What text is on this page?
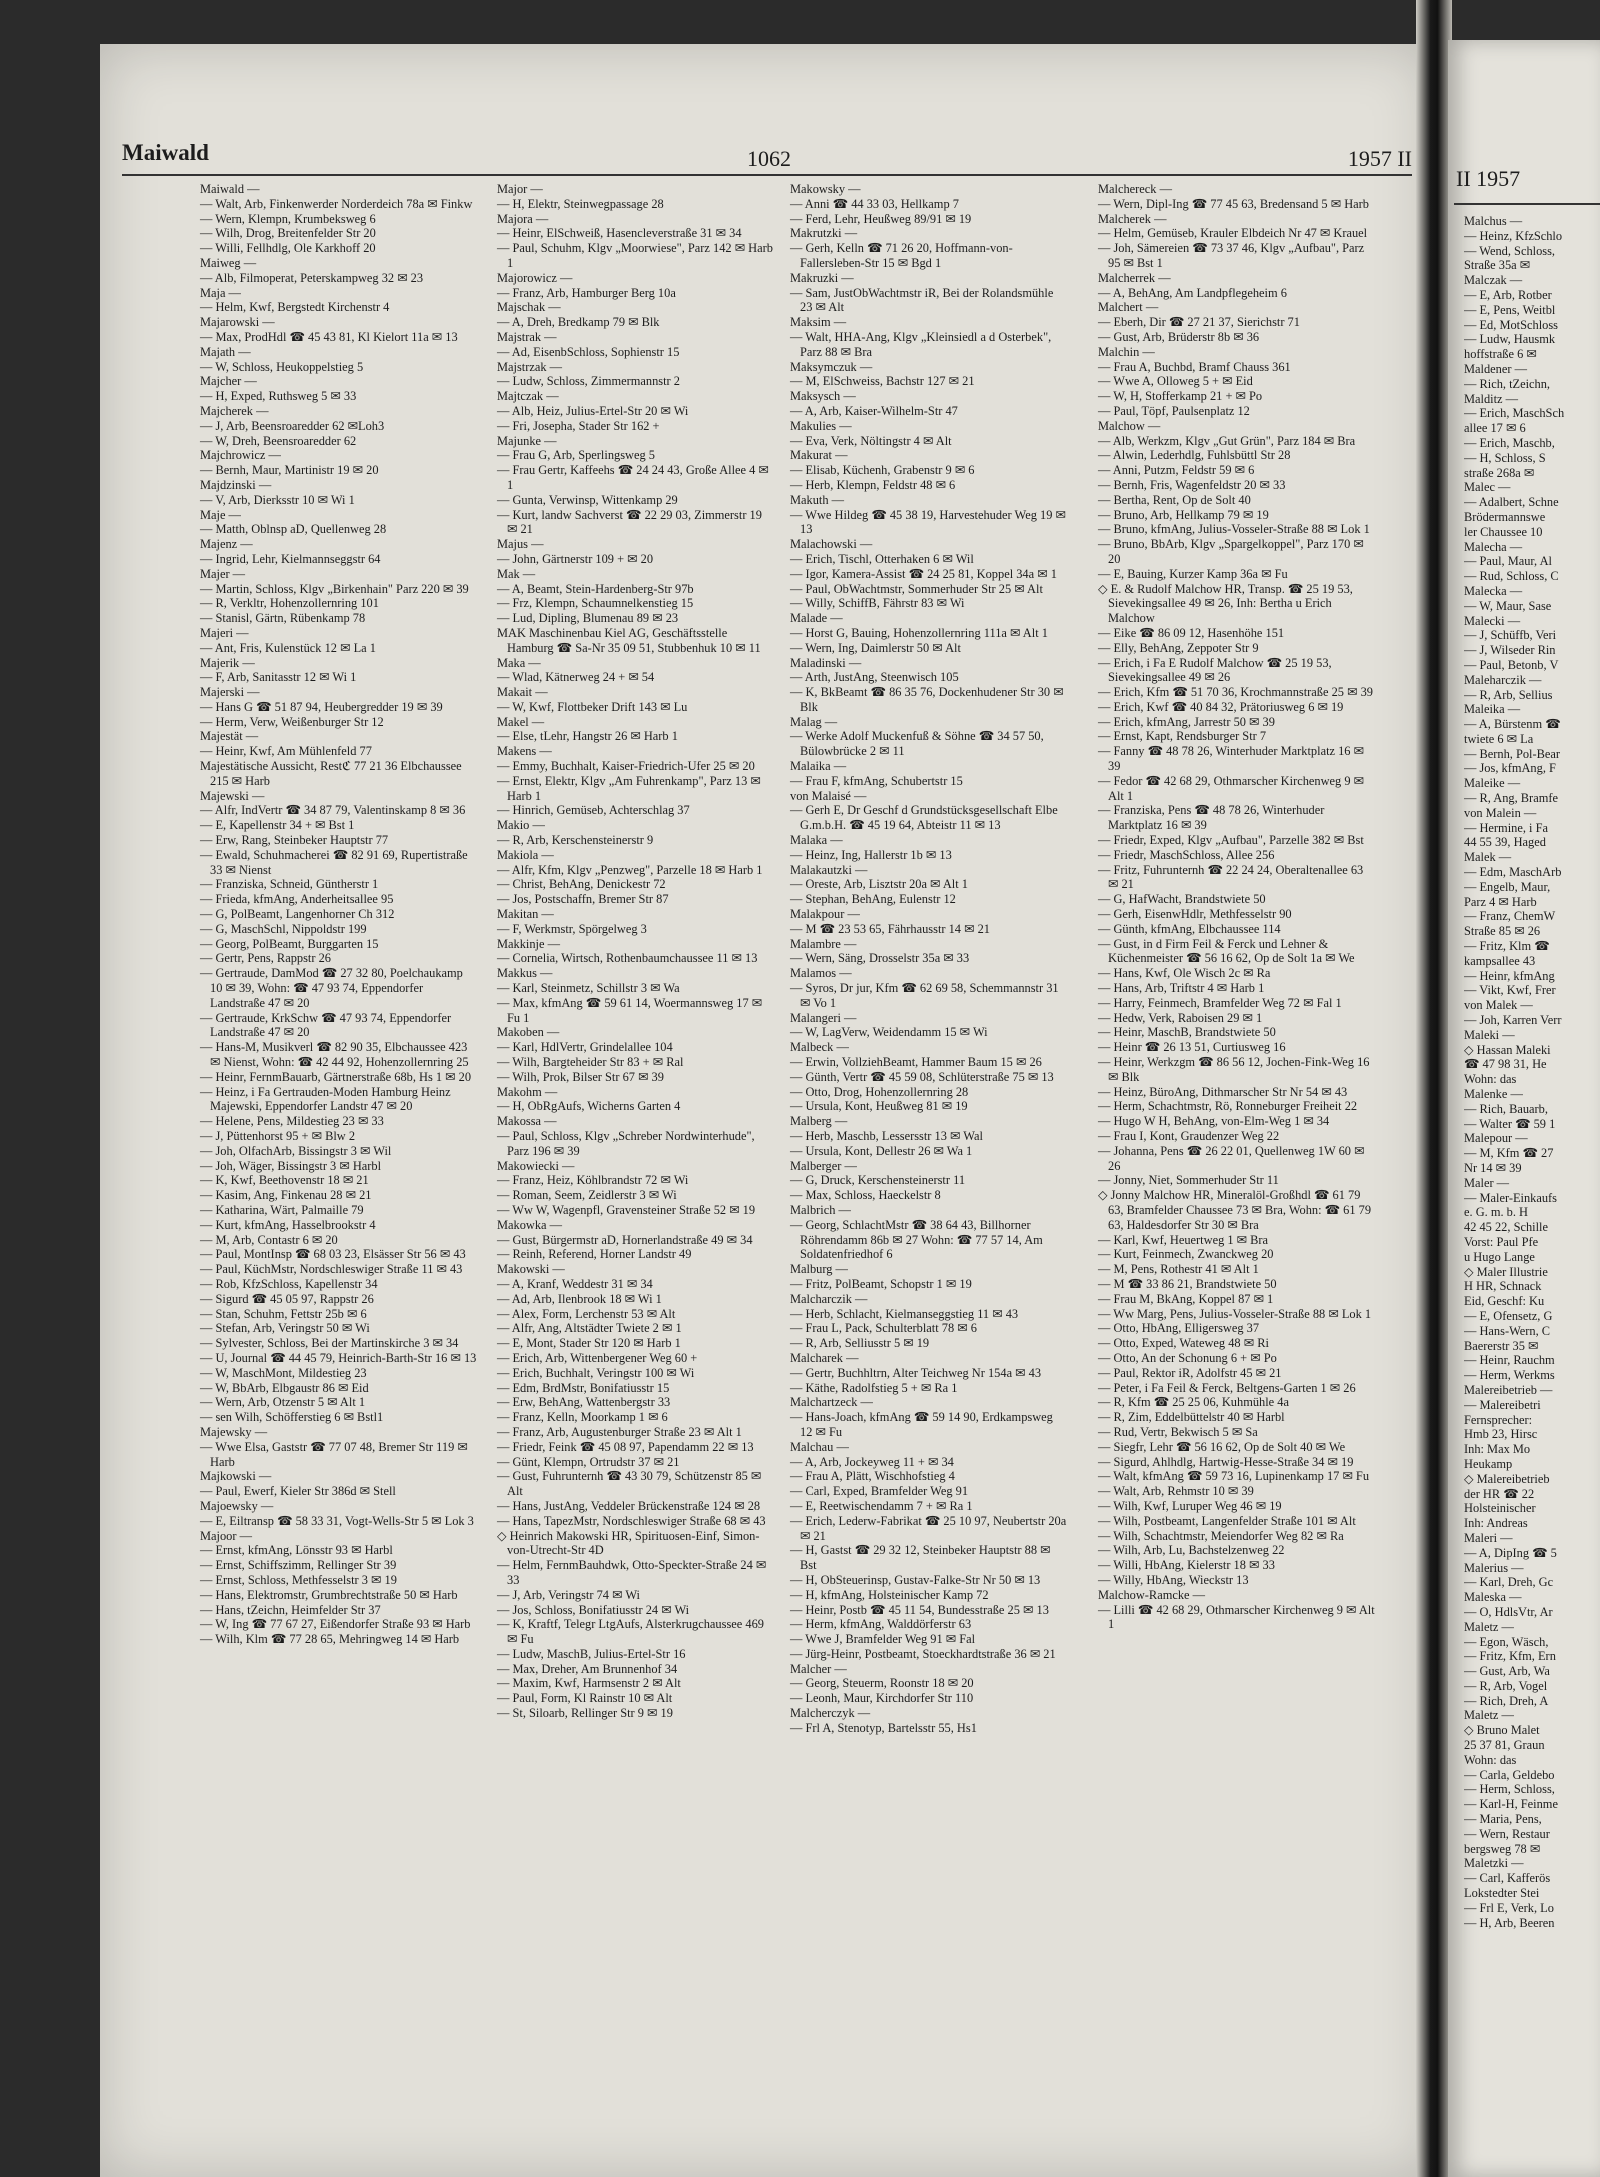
II 1957
Malchus —
— Heinz, KfzSchlo
— Wend, Schloss,
Straße 35a ✉
Malczak —
— E, Arb, Rotber
— E, Pens, Weitbl
— Ed, MotSchloss
— Ludw, Hausmk
hoffstraße 6 ✉
Maldener —
— Rich, tZeichn,
Malditz —
— Erich, MaschSch
allee 17 ✉ 6
— Erich, Maschb,
— H, Schloss, S
straße 268a ✉
Malec —
— Adalbert, Schne
Brödermannswe
ler Chaussee 10
Malecha —
— Paul, Maur, Al
— Rud, Schloss, C
Malecka —
— W, Maur, Sase
Malecki —
— J, Schüffb, Veri
— J, Wilseder Rin
— Paul, Betonb, V
Maleharczik —
— R, Arb, Sellius
Maleika —
— A, Bürstenm ☎
twiete 6 ✉ La
— Bernh, Pol-Bear
— Jos, kfmAng, F
Maleike —
— R, Ang, Bramfe
von Malein —
— Hermine, i Fa
44 55 39, Haged
Malek —
— Edm, MaschArb
— Engelb, Maur,
Parz 4 ✉ Harb
— Franz, ChemW
Straße 85 ✉ 26
— Fritz, Klm ☎
kampsallee 43
— Heinr, kfmAng
— Vikt, Kwf, Frer
von Malek —
— Joh, Karren Verr
Maleki —
◇ Hassan Maleki
☎ 47 98 31, He
Wohn: das
Malenke —
— Rich, Bauarb,
— Walter ☎ 59 1
Malepour —
— M, Kfm ☎ 27
Nr 14 ✉ 39
Maler —
— Maler-Einkaufs
e. G. m. b. H
42 45 22, Schille
Vorst: Paul Pfe
u Hugo Lange
◇ Maler Illustrie
H HR, Schnack
Eid, Geschf: Ku
— E, Ofensetz, G
— Hans-Wern, C
Baererstr 35 ✉
— Heinr, Rauchm
— Herm, Werkms
Malereibetrieb —
— Malereibetri
Fernsprecher:
Hmb 23, Hirsc
Inh: Max Mo
Heukamp
◇ Malereibetrieb
der HR ☎ 22
Holsteinischer
Inh: Andreas
Maleri —
— A, DipIng ☎ 5
Malerius —
— Karl, Dreh, Gc
Maleska —
— O, HdlsVtr, Ar
Maletz —
— Egon, Wäsch,
— Fritz, Kfm, Ern
— Gust, Arb, Wa
— R, Arb, Vogel
— Rich, Dreh, A
Maletz —
◇ Bruno Malet
25 37 81, Graun
Wohn: das
— Carla, Geldebo
— Herm, Schloss,
— Karl-H, Feinme
— Maria, Pens,
— Wern, Restaur
bergsweg 78 ✉
Maletzki —
— Carl, Kafferös
Lokstedter Stei
— Frl E, Verk, Lo
— H, Arb, Beeren
Maiwald	1062	1957 II

Maiwald —

— Walt, Arb, Finkenwerder Norderdeich 78a ✉ Finkw

— Wern, Klempn, Krumbeksweg 6

— Wilh, Drog, Breitenfelder Str 20

— Willi, Fellhdlg, Ole Karkhoff 20

Maiweg —

— Alb, Filmoperat, Peterskampweg 32 ✉ 23

Maja —

— Helm, Kwf, Bergstedt Kirchenstr 4

Majarowski —

— Max, ProdHdl ☎ 45 43 81, Kl Kielort 11a ✉ 13

Majath —

— W, Schloss, Heukoppelstieg 5

Majcher —

— H, Exped, Ruthsweg 5 ✉ 33

Majcherek —

— J, Arb, Beensroaredder 62 ✉Loh3

— W, Dreh, Beensroaredder 62

Majchrowicz —

— Bernh, Maur, Martinistr 19 ✉ 20

Majdzinski —

— V, Arb, Dierksstr 10 ✉ Wi 1

Maje —

— Matth, Oblnsp aD, Quellenweg 28

Majenz —

— Ingrid, Lehr, Kielmannseggstr 64

Majer —

— Martin, Schloss, Klgv „Birkenhain" Parz 220 ✉ 39

— R, Verkltr, Hohenzollernring 101

— Stanisl, Gärtn, Rübenkamp 78

Majeri —

— Ant, Fris, Kulenstück 12 ✉ La 1

Majerik —

— F, Arb, Sanitasstr 12 ✉ Wi 1

Majerski —

— Hans G ☎ 51 87 94, Heubergredder 19 ✉ 39

— Herm, Verw, Weißenburger Str 12

Majestät —

— Heinr, Kwf, Am Mühlenfeld 77

Majestätische Aussicht, Restℭ 77 21 36 Elbchaussee 215 ✉ Harb

Majewski —

— Alfr, IndVertr ☎ 34 87 79, Valentinskamp 8 ✉ 36

— E, Kapellenstr 34 + ✉ Bst 1

— Erw, Rang, Steinbeker Hauptstr 77

— Ewald, Schuhmacherei ☎ 82 91 69, Rupertistraße 33 ✉ Nienst

— Franziska, Schneid, Güntherstr 1

— Frieda, kfmAng, Anderheitsallee 95

— G, PolBeamt, Langenhorner Ch 312

— G, MaschSchl, Nippoldstr 199

— Georg, PolBeamt, Burggarten 15

— Gertr, Pens, Rappstr 26

— Gertraude, DamMod ☎ 27 32 80, Poelchaukamp 10 ✉ 39, Wohn: ☎ 47 93 74, Eppendorfer Landstraße 47 ✉ 20

— Gertraude, KrkSchw ☎ 47 93 74, Eppendorfer Landstraße 47 ✉ 20

— Hans-M, Musikverl ☎ 82 90 35, Elbchaussee 423 ✉ Nienst, Wohn: ☎ 42 44 92, Hohenzollernring 25

— Heinr, FernmBauarb, Gärtnerstraße 68b, Hs 1 ✉ 20

— Heinz, i Fa Gertrauden-Moden Hamburg Heinz Majewski, Eppendorfer Landstr 47 ✉ 20

— Helene, Pens, Mildestieg 23 ✉ 33

— J, Püttenhorst 95 + ✉ Blw 2

— Joh, OlfachArb, Bissingstr 3 ✉ Wil

— Joh, Wäger, Bissingstr 3 ✉ Harbl

— K, Kwf, Beethovenstr 18 ✉ 21

— Kasim, Ang, Finkenau 28 ✉ 21

— Katharina, Wärt, Palmaille 79

— Kurt, kfmAng, Hasselbrookstr 4

— M, Arb, Contastr 6 ✉ 20

— Paul, MontInsp ☎ 68 03 23, Elsässer Str 56 ✉ 43

— Paul, KüchMstr, Nordschleswiger Straße 11 ✉ 43

— Rob, KfzSchloss, Kapellenstr 34

— Sigurd ☎ 45 05 97, Rappstr 26

— Stan, Schuhm, Fettstr 25b ✉ 6

— Stefan, Arb, Veringstr 50 ✉ Wi

— Sylvester, Schloss, Bei der Martinskirche 3 ✉ 34

— U, Journal ☎ 44 45 79, Heinrich-Barth-Str 16 ✉ 13

— W, MaschMont, Mildestieg 23

— W, BbArb, Elbgaustr 86 ✉ Eid

— Wern, Arb, Otzenstr 5 ✉ Alt 1

— sen Wilh, Schöfferstieg 6 ✉ Bstl1

Majewsky —

— Wwe Elsa, Gaststr ☎ 77 07 48, Bremer Str 119 ✉ Harb

Majkowski —

— Paul, Ewerf, Kieler Str 386d ✉ Stell

Majoewsky —

— E, Eiltransp ☎ 58 33 31, Vogt-Wells-Str 5 ✉ Lok 3

Majoor —

— Ernst, kfmAng, Lönsstr 93 ✉ Harbl

— Ernst, Schiffszimm, Rellinger Str 39

— Ernst, Schloss, Methfesselstr 3 ✉ 19

— Hans, Elektromstr, Grumbrechtstraße 50 ✉ Harb

— Hans, tZeichn, Heimfelder Str 37

— W, Ing ☎ 77 67 27, Eißendorfer Straße 93 ✉ Harb

— Wilh, Klm ☎ 77 28 65, Mehringweg 14 ✉ Harb

Major —

— H, Elektr, Steinwegpassage 28

Majora —

— Heinr, ElSchweiß, Hasencleverstraße 31 ✉ 34

— Paul, Schuhm, Klgv „Moorwiese", Parz 142 ✉ Harb 1

Majorowicz —

— Franz, Arb, Hamburger Berg 10a

Majschak —

— A, Dreh, Bredkamp 79 ✉ Blk

Majstrak —

— Ad, EisenbSchloss, Sophienstr 15

Majstrzak —

— Ludw, Schloss, Zimmermannstr 2

Majtczak —

— Alb, Heiz, Julius-Ertel-Str 20 ✉ Wi

— Fri, Josepha, Stader Str 162 +

Majunke —

— Frau G, Arb, Sperlingsweg 5

— Frau Gertr, Kaffeehs ☎ 24 24 43, Große Allee 4 ✉ 1

— Gunta, Verwinsp, Wittenkamp 29

— Kurt, landw Sachverst ☎ 22 29 03, Zimmerstr 19 ✉ 21

Majus —

— John, Gärtnerstr 109 + ✉ 20

Mak —

— A, Beamt, Stein-Hardenberg-Str 97b

— Frz, Klempn, Schaumnelkenstieg 15

— Lud, Dipling, Blumenau 89 ✉ 23

MAK Maschinenbau Kiel AG, Geschäftsstelle Hamburg ☎ Sa-Nr 35 09 51, Stubbenhuk 10 ✉ 11

Maka —

— Wlad, Kätnerweg 24 + ✉ 54

Makait —

— W, Kwf, Flottbeker Drift 143 ✉ Lu

Makel —

— Else, tLehr, Hangstr 26 ✉ Harb 1

Makens —

— Emmy, Buchhalt, Kaiser-Friedrich-Ufer 25 ✉ 20

— Ernst, Elektr, Klgv „Am Fuhrenkamp", Parz 13 ✉ Harb 1

— Hinrich, Gemüseb, Achterschlag 37

Makio —

— R, Arb, Kerschensteinerstr 9

Makiola —

— Alfr, Kfm, Klgv „Penzweg", Parzelle 18 ✉ Harb 1

— Christ, BehAng, Denickestr 72

— Jos, Postschaffn, Bremer Str 87

Makitan —

— F, Werkmstr, Spörgelweg 3

Makkinje —

— Cornelia, Wirtsch, Rothenbaumchaussee 11 ✉ 13

Makkus —

— Karl, Steinmetz, Schillstr 3 ✉ Wa

— Max, kfmAng ☎ 59 61 14, Woermannsweg 17 ✉ Fu 1

Makoben —

— Karl, HdlVertr, Grindelallee 104

— Wilh, Bargteheider Str 83 + ✉ Ral

— Wilh, Prok, Bilser Str 67 ✉ 39

Makohm —

— H, ObRgAufs, Wicherns Garten 4

Makossa —

— Paul, Schloss, Klgv „Schreber Nordwinterhude", Parz 196 ✉ 39

Makowiecki —

— Franz, Heiz, Köhlbrandstr 72 ✉ Wi

— Roman, Seem, Zeidlerstr 3 ✉ Wi

— Ww W, Wagenpfl, Gravensteiner Straße 52 ✉ 19

Makowka —

— Gust, Bürgermstr aD, Hornerlandstraße 49 ✉ 34

— Reinh, Referend, Horner Landstr 49

Makowski —

— A, Kranf, Weddestr 31 ✉ 34

— Ad, Arb, Ilenbrook 18 ✉ Wi 1

— Alex, Form, Lerchenstr 53 ✉ Alt

— Alfr, Ang, Altstädter Twiete 2 ✉ 1

— E, Mont, Stader Str 120 ✉ Harb 1

— Erich, Arb, Wittenbergener Weg 60 +

— Erich, Buchhalt, Veringstr 100 ✉ Wi

— Edm, BrdMstr, Bonifatiusstr 15

— Erw, BehAng, Wattenbergstr 33

— Franz, Kelln, Moorkamp 1 ✉ 6

— Franz, Arb, Augustenburger Straße 23 ✉ Alt 1

— Friedr, Feink ☎ 45 08 97, Papendamm 22 ✉ 13

— Günt, Klempn, Ortrudstr 37 ✉ 21

— Gust, Fuhrunternh ☎ 43 30 79, Schützenstr 85 ✉ Alt

— Hans, JustAng, Veddeler Brückenstraße 124 ✉ 28

— Hans, TapezMstr, Nordschleswiger Straße 68 ✉ 43

◇ Heinrich Makowski HR, Spirituosen-Einf, Simon-von-Utrecht-Str 4D

— Helm, FernmBauhdwk, Otto-Speckter-Straße 24 ✉ 33

— J, Arb, Veringstr 74 ✉ Wi

— Jos, Schloss, Bonifatiusstr 24 ✉ Wi

— K, Kraftf, Telegr LtgAufs, Alsterkrugchaussee 469 ✉ Fu

— Ludw, MaschB, Julius-Ertel-Str 16

— Max, Dreher, Am Brunnenhof 34

— Maxim, Kwf, Harmsenstr 2 ✉ Alt

— Paul, Form, Kl Rainstr 10 ✉ Alt

— St, Siloarb, Rellinger Str 9 ✉ 19

Makowsky —

— Anni ☎ 44 33 03, Hellkamp 7

— Ferd, Lehr, Heußweg 89/91 ✉ 19

Makrutzki —

— Gerh, Kelln ☎ 71 26 20, Hoffmann-von-Fallersleben-Str 15 ✉ Bgd 1

Makruzki —

— Sam, JustObWachtmstr iR, Bei der Rolandsmühle 23 ✉ Alt

Maksim —

— Walt, HHA-Ang, Klgv „Kleinsiedl a d Osterbek", Parz 88 ✉ Bra

Maksymczuk —

— M, ElSchweiss, Bachstr 127 ✉ 21

Maksysch —

— A, Arb, Kaiser-Wilhelm-Str 47

Makulies —

— Eva, Verk, Nöltingstr 4 ✉ Alt

Makurat —

— Elisab, Küchenh, Grabenstr 9 ✉ 6

— Herb, Klempn, Feldstr 48 ✉ 6

Makuth —

— Wwe Hildeg ☎ 45 38 19, Harvestehuder Weg 19 ✉ 13

Malachowski —

— Erich, Tischl, Otterhaken 6 ✉ Wil

— Igor, Kamera-Assist ☎ 24 25 81, Koppel 34a ✉ 1

— Paul, ObWachtmstr, Sommerhuder Str 25 ✉ Alt

— Willy, SchiffB, Fährstr 83 ✉ Wi

Malade —

— Horst G, Bauing, Hohenzollernring 111a ✉ Alt 1

— Wern, Ing, Daimlerstr 50 ✉ Alt

Maladinski —

— Arth, JustAng, Steenwisch 105

— K, BkBeamt ☎ 86 35 76, Dockenhudener Str 30 ✉ Blk

Malag —

— Werke Adolf Muckenfuß & Söhne ☎ 34 57 50, Bülowbrücke 2 ✉ 11

Malaika —

— Frau F, kfmAng, Schubertstr 15

von Malaisé —

— Gerh E, Dr Geschf d Grundstücksgesellschaft Elbe G.m.b.H. ☎ 45 19 64, Abteistr 11 ✉ 13

Malaka —

— Heinz, Ing, Hallerstr 1b ✉ 13

Malakautzki —

— Oreste, Arb, Lisztstr 20a ✉ Alt 1

— Stephan, BehAng, Eulenstr 12

Malakpour —

— M ☎ 23 53 65, Fährhausstr 14 ✉ 21

Malambre —

— Wern, Säng, Drosselstr 35a ✉ 33

Malamos —

— Syros, Dr jur, Kfm ☎ 62 69 58, Schemmannstr 31 ✉ Vo 1

Malangeri —

— W, LagVerw, Weidendamm 15 ✉ Wi

Malbeck —

— Erwin, VollziehBeamt, Hammer Baum 15 ✉ 26

— Günth, Vertr ☎ 45 59 08, Schlüterstraße 75 ✉ 13

— Otto, Drog, Hohenzollernring 28

— Ursula, Kont, Heußweg 81 ✉ 19

Malberg —

— Herb, Maschb, Lessersstr 13 ✉ Wal

— Ursula, Kont, Dellestr 26 ✉ Wa 1

Malberger —

— G, Druck, Kerschensteinerstr 11

— Max, Schloss, Haeckelstr 8

Malbrich —

— Georg, SchlachtMstr ☎ 38 64 43, Billhorner Röhrendamm 86b ✉ 27 Wohn: ☎ 77 57 14, Am Soldatenfriedhof 6

Malburg —

— Fritz, PolBeamt, Schopstr 1 ✉ 19

Malcharczik —

— Herb, Schlacht, Kielmanseggstieg 11 ✉ 43

— Frau L, Pack, Schulterblatt 78 ✉ 6

— R, Arb, Selliusstr 5 ✉ 19

Malcharek —

— Gertr, Buchhltrn, Alter Teichweg Nr 154a ✉ 43

— Käthe, Radolfstieg 5 + ✉ Ra 1

Malchartzeck —

— Hans-Joach, kfmAng ☎ 59 14 90, Erdkampsweg 12 ✉ Fu

Malchau —

— A, Arb, Jockeyweg 11 + ✉ 34

— Frau A, Plätt, Wischhofstieg 4

— Carl, Exped, Bramfelder Weg 91

— E, Reetwischendamm 7 + ✉ Ra 1

— Erich, Lederw-Fabrikat ☎ 25 10 97, Neubertstr 20a ✉ 21

— H, Gastst ☎ 29 32 12, Steinbeker Hauptstr 88 ✉ Bst

— H, ObSteuerinsp, Gustav-Falke-Str Nr 50 ✉ 13

— H, kfmAng, Holsteinischer Kamp 72

— Heinr, Postb ☎ 45 11 54, Bundesstraße 25 ✉ 13

— Herm, kfmAng, Walddörferstr 63

— Wwe J, Bramfelder Weg 91 ✉ Fal

— Jürg-Heinr, Postbeamt, Stoeckhardtstraße 36 ✉ 21

Malcher —

— Georg, Steuerm, Roonstr 18 ✉ 20

— Leonh, Maur, Kirchdorfer Str 110

Malcherczyk —

— Frl A, Stenotyp, Bartelsstr 55, Hs1

Malchereck —

— Wern, Dipl-Ing ☎ 77 45 63, Bredensand 5 ✉ Harb

Malcherek —

— Helm, Gemüseb, Krauler Elbdeich Nr 47 ✉ Krauel

— Joh, Sämereien ☎ 73 37 46, Klgv „Aufbau", Parz 95 ✉ Bst 1

Malcherrek —

— A, BehAng, Am Landpflegeheim 6

Malchert —

— Eberh, Dir ☎ 27 21 37, Sierichstr 71

— Gust, Arb, Brüderstr 8b ✉ 36

Malchin —

— Frau A, Buchbd, Bramf Chauss 361

— Wwe A, Olloweg 5 + ✉ Eid

— W, H, Stofferkamp 21 + ✉ Po

— Paul, Töpf, Paulsenplatz 12

Malchow —

— Alb, Werkzm, Klgv „Gut Grün", Parz 184 ✉ Bra

— Alwin, Lederhdlg, Fuhlsbüttl Str 28

— Anni, Putzm, Feldstr 59 ✉ 6

— Bernh, Fris, Wagenfeldstr 20 ✉ 33

— Bertha, Rent, Op de Solt 40

— Bruno, Arb, Hellkamp 79 ✉ 19

— Bruno, kfmAng, Julius-Vosseler-Straße 88 ✉ Lok 1

— Bruno, BbArb, Klgv „Spargelkoppel", Parz 170 ✉ 20

— E, Bauing, Kurzer Kamp 36a ✉ Fu

◇ E. & Rudolf Malchow HR, Transp. ☎ 25 19 53, Sievekingsallee 49 ✉ 26, Inh: Bertha u Erich Malchow

— Eike ☎ 86 09 12, Hasenhöhe 151

— Elly, BehAng, Zeppoter Str 9

— Erich, i Fa E Rudolf Malchow ☎ 25 19 53, Sievekingsallee 49 ✉ 26

— Erich, Kfm ☎ 51 70 36, Krochmannstraße 25 ✉ 39

— Erich, Kwf ☎ 40 84 32, Prätoriusweg 6 ✉ 19

— Erich, kfmAng, Jarrestr 50 ✉ 39

— Ernst, Kapt, Rendsburger Str 7

— Fanny ☎ 48 78 26, Winterhuder Marktplatz 16 ✉ 39

— Fedor ☎ 42 68 29, Othmarscher Kirchenweg 9 ✉ Alt 1

— Franziska, Pens ☎ 48 78 26, Winterhuder Marktplatz 16 ✉ 39

— Friedr, Exped, Klgv „Aufbau", Parzelle 382 ✉ Bst

— Friedr, MaschSchloss, Allee 256

— Fritz, Fuhrunternh ☎ 22 24 24, Oberaltenallee 63 ✉ 21

— G, HafWacht, Brandstwiete 50

— Gerh, EisenwHdlr, Methfesselstr 90

— Günth, kfmAng, Elbchaussee 114

— Gust, in d Firm Feil & Ferck und Lehner & Küchenmeister ☎ 56 16 62, Op de Solt 1a ✉ We

— Hans, Kwf, Ole Wisch 2c ✉ Ra

— Hans, Arb, Triftstr 4 ✉ Harb 1

— Harry, Feinmech, Bramfelder Weg 72 ✉ Fal 1

— Hedw, Verk, Raboisen 29 ✉ 1

— Heinr, MaschB, Brandstwiete 50

— Heinr ☎ 26 13 51, Curtiusweg 16

— Heinr, Werkzgm ☎ 86 56 12, Jochen-Fink-Weg 16 ✉ Blk

— Heinz, BüroAng, Dithmarscher Str Nr 54 ✉ 43

— Herm, Schachtmstr, Rö, Ronneburger Freiheit 22

— Hugo W H, BehAng, von-Elm-Weg 1 ✉ 34

— Frau I, Kont, Graudenzer Weg 22

— Johanna, Pens ☎ 26 22 01, Quellenweg 1W 60 ✉ 26

— Jonny, Niet, Sommerhuder Str 11

◇ Jonny Malchow HR, Mineralöl-Großhdl ☎ 61 79 63, Bramfelder Chaussee 73 ✉ Bra, Wohn: ☎ 61 79 63, Haldesdorfer Str 30 ✉ Bra

— Karl, Kwf, Heuertweg 1 ✉ Bra

— Kurt, Feinmech, Zwanckweg 20

— M, Pens, Rothestr 41 ✉ Alt 1

— M ☎ 33 86 21, Brandstwiete 50

— Frau M, BkAng, Koppel 87 ✉ 1

— Ww Marg, Pens, Julius-Vosseler-Straße 88 ✉ Lok 1

— Otto, HbAng, Elligersweg 37

— Otto, Exped, Wateweg 48 ✉ Ri

— Otto, An der Schonung 6 + ✉ Po

— Paul, Rektor iR, Adolfstr 45 ✉ 21

— Peter, i Fa Feil & Ferck, Beltgens-Garten 1 ✉ 26

— R, Kfm ☎ 25 25 06, Kuhmühle 4a

— R, Zim, Eddelbüttelstr 40 ✉ Harbl

— Rud, Vertr, Bekwisch 5 ✉ Sa

— Siegfr, Lehr ☎ 56 16 62, Op de Solt 40 ✉ We

— Sigurd, Ahlhdlg, Hartwig-Hesse-Straße 34 ✉ 19

— Walt, kfmAng ☎ 59 73 16, Lupinenkamp 17 ✉ Fu

— Walt, Arb, Rehmstr 10 ✉ 39

— Wilh, Kwf, Luruper Weg 46 ✉ 19

— Wilh, Postbeamt, Langenfelder Straße 101 ✉ Alt

— Wilh, Schachtmstr, Meiendorfer Weg 82 ✉ Ra

— Wilh, Arb, Lu, Bachstelzenweg 22

— Willi, HbAng, Kielerstr 18 ✉ 33

— Willy, HbAng, Wieckstr 13

Malchow-Ramcke —

— Lilli ☎ 42 68 29, Othmarscher Kirchenweg 9 ✉ Alt 1
